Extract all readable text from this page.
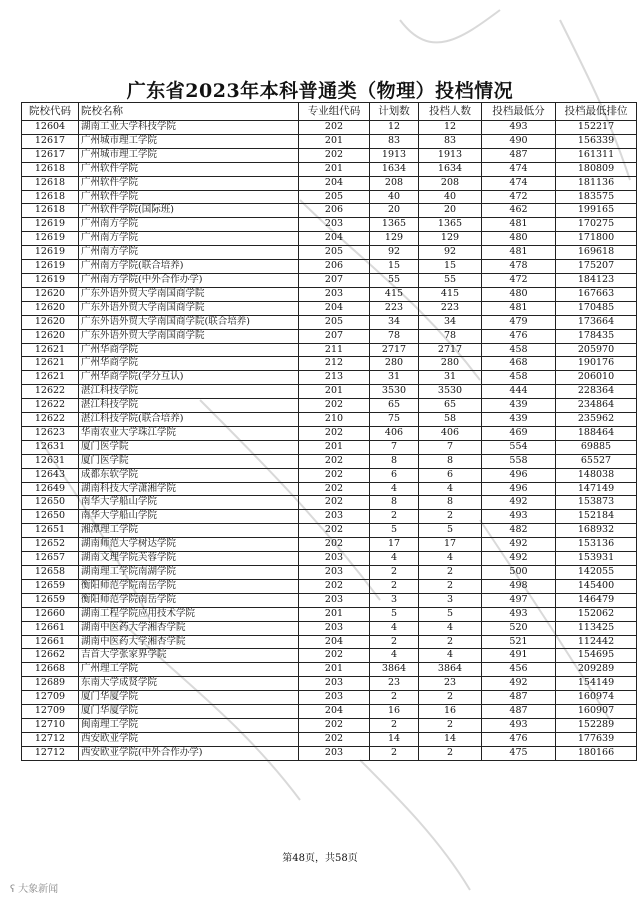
广东省2023年本科普通类（物理）投档情况
院校代码	院校名称	专业组代码	计划数	投档人数	投档最低分	投档最低排位
12604	湖南工业大学科技学院	202	12	12	493	152217
12617	广州城市理工学院	201	83	83	490	156339
12617	广州城市理工学院	202	1913	1913	487	161311
12618	广州软件学院	201	1634	1634	474	180809
12618	广州软件学院	204	208	208	474	181136
12618	广州软件学院	205	40	40	472	183575
12618	广州软件学院(国际班)	206	20	20	462	199165
12619	广州南方学院	203	1365	1365	481	170275
12619	广州南方学院	204	129	129	480	171800
12619	广州南方学院	205	92	92	481	169618
12619	广州南方学院(联合培养)	206	15	15	478	175207
12619	广州南方学院(中外合作办学)	207	55	55	472	184123
12620	广东外语外贸大学南国商学院	203	415	415	480	167663
12620	广东外语外贸大学南国商学院	204	223	223	481	170485
12620	广东外语外贸大学南国商学院(联合培养)	205	34	34	479	173664
12620	广东外语外贸大学南国商学院	207	78	78	476	178435
12621	广州华商学院	211	2717	2717	458	205970
12621	广州华商学院	212	280	280	468	190176
12621	广州华商学院(学分互认)	213	31	31	458	206010
12622	湛江科技学院	201	3530	3530	444	228364
12622	湛江科技学院	202	65	65	439	234864
12622	湛江科技学院(联合培养)	210	75	58	439	235962
12623	华南农业大学珠江学院	202	406	406	469	188464
12631	厦门医学院	201	7	7	554	69885
12631	厦门医学院	202	8	8	558	65527
12643	成都东软学院	202	6	6	496	148038
12649	湖南科技大学潇湘学院	202	4	4	496	147149
12650	南华大学船山学院	202	8	8	492	153873
12650	南华大学船山学院	203	2	2	493	152184
12651	湘潭理工学院	202	5	5	482	168932
12652	湖南师范大学树达学院	202	17	17	492	153136
12657	湖南文理学院芙蓉学院	203	4	4	492	153931
12658	湖南理工学院南湖学院	203	2	2	500	142055
12659	衡阳师范学院南岳学院	202	2	2	498	145400
12659	衡阳师范学院南岳学院	203	3	3	497	146479
12660	湖南工程学院应用技术学院	201	5	5	493	152062
12661	湖南中医药大学湘杏学院	203	4	4	520	113425
12661	湖南中医药大学湘杏学院	204	2	2	521	112442
12662	吉首大学张家界学院	202	4	4	491	154695
12668	广州理工学院	201	3864	3864	456	209289
12689	东南大学成贤学院	203	23	23	492	154149
12709	厦门华厦学院	203	2	2	487	160974
12709	厦门华厦学院	204	16	16	487	160907
12710	闽南理工学院	202	2	2	493	152289
12712	西安欧亚学院	202	14	14	476	177639
12712	西安欧亚学院(中外合作办学)	203	2	2	475	180166
第48页，共58页
ʕ 大象新闻
